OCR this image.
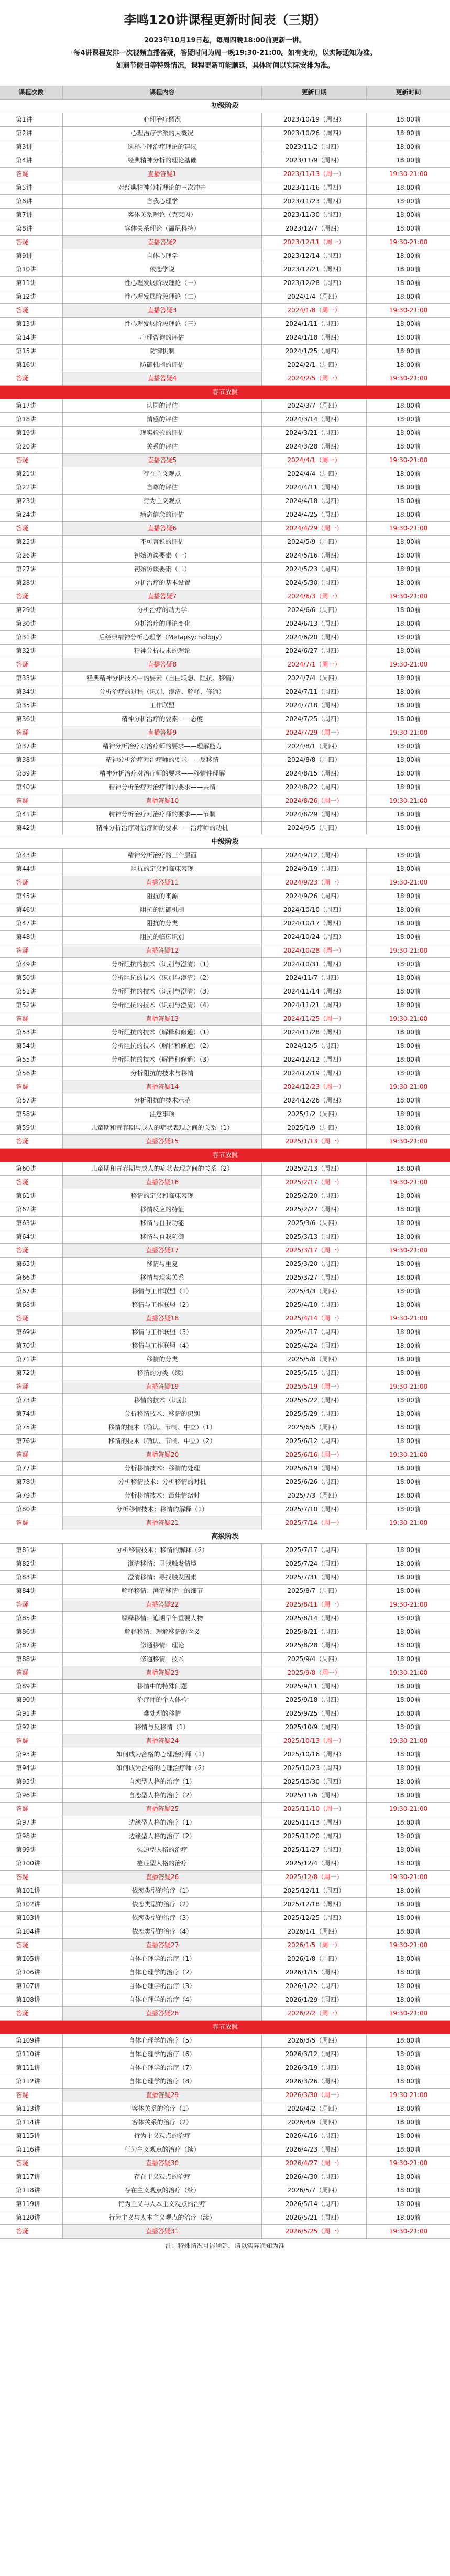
李鸣120讲课程更新时间表（三期）
2023年10月19日起，每周四晚18:00前更新一讲。
每4讲课程安排一次视频直播答疑，答疑时间为周一晚19:30-21:00。如有变动，以实际通知为准。
如遇节假日等特殊情况，课程更新可能顺延，具体时间以实际安排为准。
课程次数	课程内容	更新日期	更新时间
初级阶段
第1讲	心理治疗概况	2023/10/19（周四）	18:00前
第2讲	心理治疗学派的大概况	2023/10/26（周四）	18:00前
第3讲	选择心理治疗理论的建议	2023/11/2（周四）	18:00前
第4讲	经典精神分析的理论基础	2023/11/9（周四）	18:00前
答疑	直播答疑1	2023/11/13（周一）	19:30-21:00
第5讲	对经典精神分析理论的三次冲击	2023/11/16（周四）	18:00前
第6讲	自我心理学	2023/11/23（周四）	18:00前
第7讲	客体关系理论（克莱因）	2023/11/30（周四）	18:00前
第8讲	客体关系理论（温尼科特）	2023/12/7（周四）	18:00前
答疑	直播答疑2	2023/12/11（周一）	19:30-21:00
第9讲	自体心理学	2023/12/14（周四）	18:00前
第10讲	依恋学说	2023/12/21（周四）	18:00前
第11讲	性心理发展阶段理论（一）	2023/12/28（周四）	18:00前
第12讲	性心理发展阶段理论（二）	2024/1/4（周四）	18:00前
答疑	直播答疑3	2024/1/8（周一）	19:30-21:00
第13讲	性心理发展阶段理论（三）	2024/1/11（周四）	18:00前
第14讲	心理咨询的评估	2024/1/18（周四）	18:00前
第15讲	防御机制	2024/1/25（周四）	18:00前
第16讲	防御机制的评估	2024/2/1（周四）	18:00前
答疑	直播答疑4	2024/2/5（周一）	19:30-21:00
春节放假
第17讲	认同的评估	2024/3/7（周四）	18:00前
第18讲	情感的评估	2024/3/14（周四）	18:00前
第19讲	现实检验的评估	2024/3/21（周四）	18:00前
第20讲	关系的评估	2024/3/28（周四）	18:00前
答疑	直播答疑5	2024/4/1（周一）	19:30-21:00
第21讲	存在主义观点	2024/4/4（周四）	18:00前
第22讲	自尊的评估	2024/4/11（周四）	18:00前
第23讲	行为主义观点	2024/4/18（周四）	18:00前
第24讲	病态信念的评估	2024/4/25（周四）	18:00前
答疑	直播答疑6	2024/4/29（周一）	19:30-21:00
第25讲	不可言说的评估	2024/5/9（周四）	18:00前
第26讲	初始访谈要素（一）	2024/5/16（周四）	18:00前
第27讲	初始访谈要素（二）	2024/5/23（周四）	18:00前
第28讲	分析治疗的基本设置	2024/5/30（周四）	18:00前
答疑	直播答疑7	2024/6/3（周一）	19:30-21:00
第29讲	分析治疗的动力学	2024/6/6（周四）	18:00前
第30讲	分析治疗的理论变化	2024/6/13（周四）	18:00前
第31讲	后经典精神分析心理学（Metapsychology）	2024/6/20（周四）	18:00前
第32讲	精神分析技术的理论	2024/6/27（周四）	18:00前
答疑	直播答疑8	2024/7/1（周一）	19:30-21:00
第33讲	经典精神分析技术中的要素（自由联想、阻抗、移情）	2024/7/4（周四）	18:00前
第34讲	分析治疗的过程（识别、澄清、解释、修通）	2024/7/11（周四）	18:00前
第35讲	工作联盟	2024/7/18（周四）	18:00前
第36讲	精神分析治疗的要素——态度	2024/7/25（周四）	18:00前
答疑	直播答疑9	2024/7/29（周一）	19:30-21:00
第37讲	精神分析治疗对治疗师的要求——理解能力	2024/8/1（周四）	18:00前
第38讲	精神分析治疗对治疗师的要求——反移情	2024/8/8（周四）	18:00前
第39讲	精神分析治疗对治疗师的要求——移情性理解	2024/8/15（周四）	18:00前
第40讲	精神分析治疗对治疗师的要求——共情	2024/8/22（周四）	18:00前
答疑	直播答疑10	2024/8/26（周一）	19:30-21:00
第41讲	精神分析治疗对治疗师的要求——节制	2024/8/29（周四）	18:00前
第42讲	精神分析治疗对治疗师的要求——治疗师的动机	2024/9/5（周四）	18:00前
中级阶段
第43讲	精神分析治疗的三个层面	2024/9/12（周四）	18:00前
第44讲	阻抗的定义和临床表现	2024/9/19（周四）	18:00前
答疑	直播答疑11	2024/9/23（周一）	19:30-21:00
第45讲	阻抗的来源	2024/9/26（周四）	18:00前
第46讲	阻抗的防御机制	2024/10/10（周四）	18:00前
第47讲	阻抗的分类	2024/10/17（周四）	18:00前
第48讲	阻抗的临床识别	2024/10/24（周四）	18:00前
答疑	直播答疑12	2024/10/28（周一）	19:30-21:00
第49讲	分析阻抗的技术（识别与澄清）（1）	2024/10/31（周四）	18:00前
第50讲	分析阻抗的技术（识别与澄清）（2）	2024/11/7（周四）	18:00前
第51讲	分析阻抗的技术（识别与澄清）（3）	2024/11/14（周四）	18:00前
第52讲	分析阻抗的技术（识别与澄清）（4）	2024/11/21（周四）	18:00前
答疑	直播答疑13	2024/11/25（周一）	19:30-21:00
第53讲	分析阻抗的技术（解释和修通）（1）	2024/11/28（周四）	18:00前
第54讲	分析阻抗的技术（解释和修通）（2）	2024/12/5（周四）	18:00前
第55讲	分析阻抗的技术（解释和修通）（3）	2024/12/12（周四）	18:00前
第56讲	分析阻抗的技术与移情	2024/12/19（周四）	18:00前
答疑	直播答疑14	2024/12/23（周一）	19:30-21:00
第57讲	分析阻抗的技术示范	2024/12/26（周四）	18:00前
第58讲	注意事项	2025/1/2（周四）	18:00前
第59讲	儿童期和青春期与成人的症状表现之间的关系（1）	2025/1/9（周四）	18:00前
答疑	直播答疑15	2025/1/13（周一）	19:30-21:00
春节放假
第60讲	儿童期和青春期与成人的症状表现之间的关系（2）	2025/2/13（周四）	18:00前
答疑	直播答疑16	2025/2/17（周一）	19:30-21:00
第61讲	移情的定义和临床表现	2025/2/20（周四）	18:00前
第62讲	移情反应的特征	2025/2/27（周四）	18:00前
第63讲	移情与自我功能	2025/3/6（周四）	18:00前
第64讲	移情与自我防御	2025/3/13（周四）	18:00前
答疑	直播答疑17	2025/3/17（周一）	19:30-21:00
第65讲	移情与重复	2025/3/20（周四）	18:00前
第66讲	移情与现实关系	2025/3/27（周四）	18:00前
第67讲	移情与工作联盟（1）	2025/4/3（周四）	18:00前
第68讲	移情与工作联盟（2）	2025/4/10（周四）	18:00前
答疑	直播答疑18	2025/4/14（周一）	19:30-21:00
第69讲	移情与工作联盟（3）	2025/4/17（周四）	18:00前
第70讲	移情与工作联盟（4）	2025/4/24（周四）	18:00前
第71讲	移情的分类	2025/5/8（周四）	18:00前
第72讲	移情的分类（续）	2025/5/15（周四）	18:00前
答疑	直播答疑19	2025/5/19（周一）	19:30-21:00
第73讲	移情的技术（识别）	2025/5/22（周四）	18:00前
第74讲	分析移情技术：移情的识别	2025/5/29（周四）	18:00前
第75讲	移情的技术（确认、节制、中立）（1）	2025/6/5（周四）	18:00前
第76讲	移情的技术（确认、节制、中立）（2）	2025/6/12（周四）	18:00前
答疑	直播答疑20	2025/6/16（周一）	19:30-21:00
第77讲	分析移情技术：移情的处理	2025/6/19（周四）	18:00前
第78讲	分析移情技术：分析移情的时机	2025/6/26（周四）	18:00前
第79讲	分析移情技术：最佳情绪时	2025/7/3（周四）	18:00前
第80讲	分析移情技术：移情的解释（1）	2025/7/10（周四）	18:00前
答疑	直播答疑21	2025/7/14（周一）	19:30-21:00
高级阶段
第81讲	分析移情技术：移情的解释（2）	2025/7/17（周四）	18:00前
第82讲	澄清移情：寻找触发情境	2025/7/24（周四）	18:00前
第83讲	澄清移情：寻找触发因素	2025/7/31（周四）	18:00前
第84讲	解释移情：澄清移情中的细节	2025/8/7（周四）	18:00前
答疑	直播答疑22	2025/8/11（周一）	19:30-21:00
第85讲	解释移情：追溯早年重要人物	2025/8/14（周四）	18:00前
第86讲	解释移情：理解移情的含义	2025/8/21（周四）	18:00前
第87讲	修通移情：理论	2025/8/28（周四）	18:00前
第88讲	修通移情：技术	2025/9/4（周四）	18:00前
答疑	直播答疑23	2025/9/8（周一）	19:30-21:00
第89讲	移情中的特殊问题	2025/9/11（周四）	18:00前
第90讲	治疗师的个人体验	2025/9/18（周四）	18:00前
第91讲	难处理的移情	2025/9/25（周四）	18:00前
第92讲	移情与反移情（1）	2025/10/9（周四）	18:00前
答疑	直播答疑24	2025/10/13（周一）	19:30-21:00
第93讲	如何成为合格的心理治疗师（1）	2025/10/16（周四）	18:00前
第94讲	如何成为合格的心理治疗师（2）	2025/10/23（周四）	18:00前
第95讲	自恋型人格的治疗（1）	2025/10/30（周四）	18:00前
第96讲	自恋型人格的治疗（2）	2025/11/6（周四）	18:00前
答疑	直播答疑25	2025/11/10（周一）	19:30-21:00
第97讲	边缘型人格的治疗（1）	2025/11/13（周四）	18:00前
第98讲	边缘型人格的治疗（2）	2025/11/20（周四）	18:00前
第99讲	强迫型人格的治疗	2025/11/27（周四）	18:00前
第100讲	癔症型人格的治疗	2025/12/4（周四）	18:00前
答疑	直播答疑26	2025/12/8（周一）	19:30-21:00
第101讲	依恋类型的治疗（1）	2025/12/11（周四）	18:00前
第102讲	依恋类型的治疗（2）	2025/12/18（周四）	18:00前
第103讲	依恋类型的治疗（3）	2025/12/25（周四）	18:00前
第104讲	依恋类型的治疗（4）	2026/1/1（周四）	18:00前
答疑	直播答疑27	2026/1/5（周一）	19:30-21:00
第105讲	自体心理学的治疗（1）	2026/1/8（周四）	18:00前
第106讲	自体心理学的治疗（2）	2026/1/15（周四）	18:00前
第107讲	自体心理学的治疗（3）	2026/1/22（周四）	18:00前
第108讲	自体心理学的治疗（4）	2026/1/29（周四）	18:00前
答疑	直播答疑28	2026/2/2（周一）	19:30-21:00
春节放假
第109讲	自体心理学的治疗（5）	2026/3/5（周四）	18:00前
第110讲	自体心理学的治疗（6）	2026/3/12（周四）	18:00前
第111讲	自体心理学的治疗（7）	2026/3/19（周四）	18:00前
第112讲	自体心理学的治疗（8）	2026/3/26（周四）	18:00前
答疑	直播答疑29	2026/3/30（周一）	19:30-21:00
第113讲	客体关系的治疗（1）	2026/4/2（周四）	18:00前
第114讲	客体关系的治疗（2）	2026/4/9（周四）	18:00前
第115讲	行为主义观点的治疗	2026/4/16（周四）	18:00前
第116讲	行为主义观点的治疗（续）	2026/4/23（周四）	18:00前
答疑	直播答疑30	2026/4/27（周一）	19:30-21:00
第117讲	存在主义观点的治疗	2026/4/30（周四）	18:00前
第118讲	存在主义观点的治疗（续）	2026/5/7（周四）	18:00前
第119讲	行为主义与人本主义观点的治疗	2026/5/14（周四）	18:00前
第120讲	行为主义与人本主义观点的治疗（续）	2026/5/21（周四）	18:00前
答疑	直播答疑31	2026/5/25（周一）	19:30-21:00
注：特殊情况可能顺延，请以实际通知为准
